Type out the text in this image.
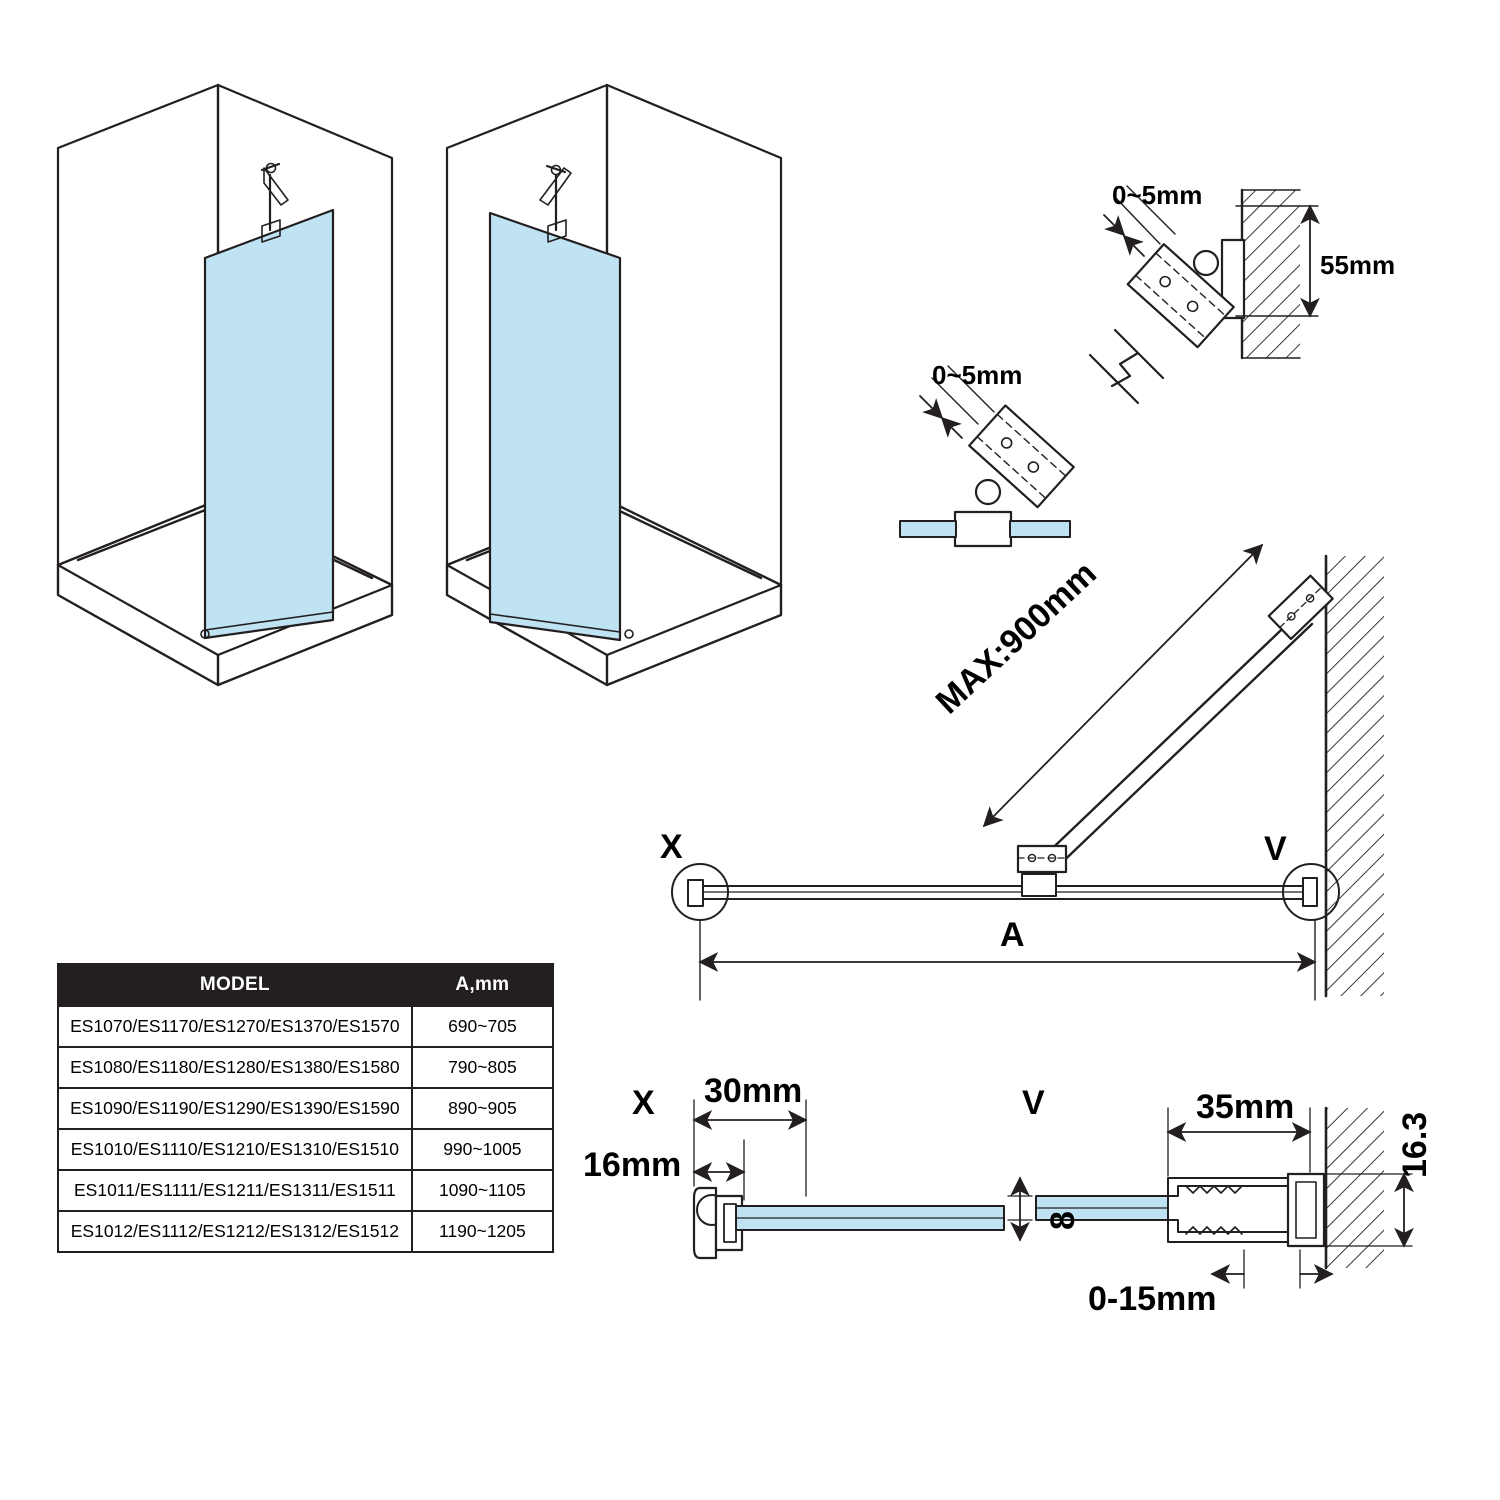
0~5mm
55mm
0~5mm
MAX:900mm
A
X	V
X	V
30mm
16mm
35mm
16.3
8
0-15mm
MODEL	A,mm
ES1070/ES1170/ES1270/ES1370/ES1570	690~705
ES1080/ES1180/ES1280/ES1380/ES1580	790~805
ES1090/ES1190/ES1290/ES1390/ES1590	890~905
ES1010/ES1110/ES1210/ES1310/ES1510	990~1005
ES1011/ES1111/ES1211/ES1311/ES1511	1090~1105
ES1012/ES1112/ES1212/ES1312/ES1512	1190~1205
